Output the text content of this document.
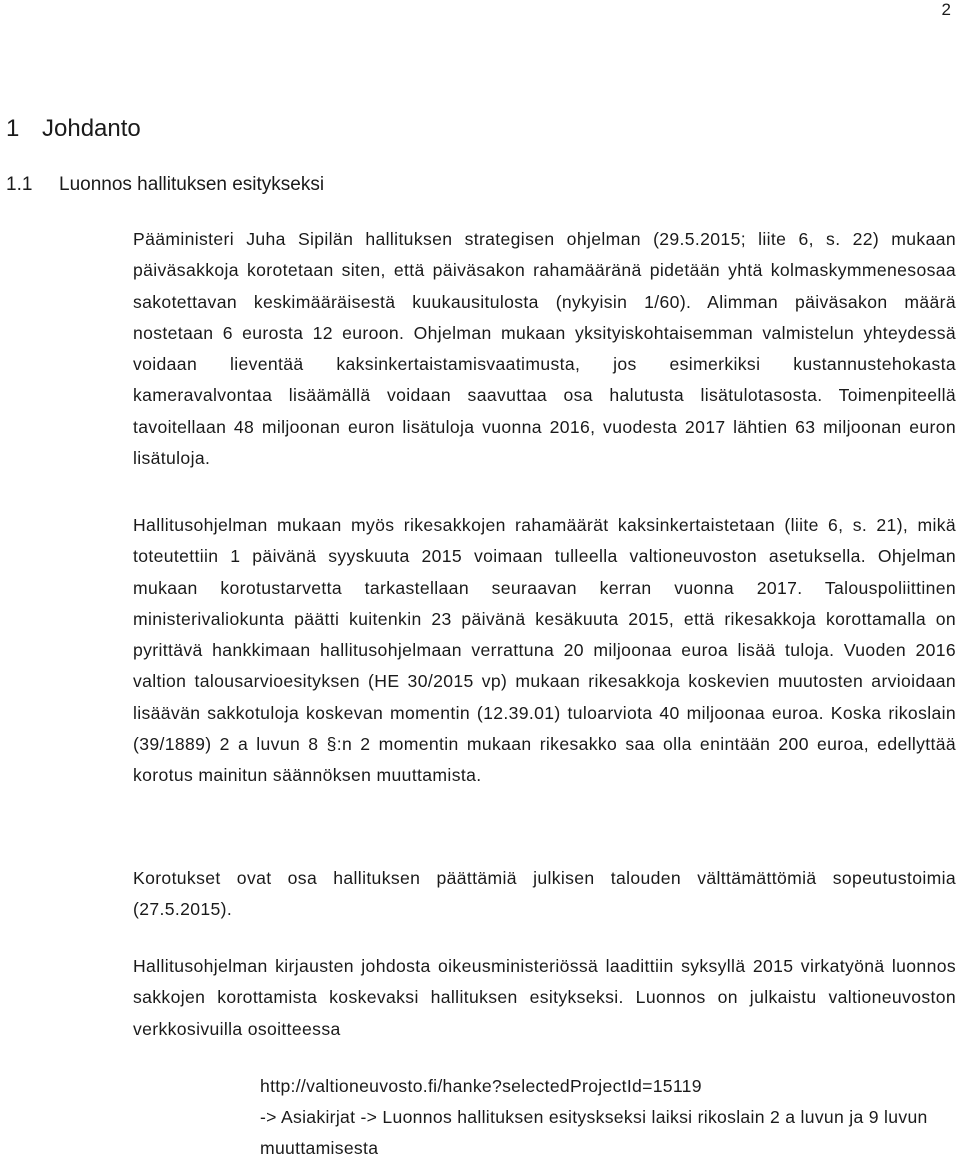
2
1 Johdanto
1.1 Luonnos hallituksen esitykseksi

Pääministeri Juha Sipilän hallituksen strategisen ohjelman (29.5.2015; liite 6, s. 22) mukaan päiväsakkoja korotetaan siten, että päiväsakon rahamääränä pidetään yhtä kolmaskymmenesosaa sakotettavan keskimääräisestä kuukausitulosta (nykyisin 1/60). Alimman päiväsakon määrä nostetaan 6 eurosta 12 euroon. Ohjelman mukaan yksityiskohtaisemman valmistelun yhteydessä voidaan lieventää kaksinkertaistamisvaatimusta, jos esimerkiksi kustannustehokasta kameravalvontaa lisäämällä voidaan saavuttaa osa halutusta lisätulotasosta. Toimenpiteellä tavoitellaan 48 miljoonan euron lisätuloja vuonna 2016, vuodesta 2017 lähtien 63 miljoonan euron lisätuloja.

Hallitusohjelman mukaan myös rikesakkojen rahamäärät kaksinkertaistetaan (liite 6, s. 21), mikä toteutettiin 1 päivänä syyskuuta 2015 voimaan tulleella valtioneuvoston asetuksella. Ohjelman mukaan korotustarvetta tarkastellaan seuraavan kerran vuonna 2017. Talouspoliittinen ministerivaliokunta päätti kuitenkin 23 päivänä kesäkuuta 2015, että rikesakkoja korottamalla on pyrittävä hankkimaan hallitusohjelmaan verrattuna 20 miljoonaa euroa lisää tuloja. Vuoden 2016 valtion talousarvioesityksen (HE 30/2015 vp) mukaan rikesakkoja koskevien muutosten arvioidaan lisäävän sakkotuloja koskevan momentin (12.39.01) tuloarviota 40 miljoonaa euroa. Koska rikoslain (39/1889) 2 a luvun 8 §:n 2 momentin mukaan rikesakko saa olla enintään 200 euroa, edellyttää korotus mainitun säännöksen muuttamista.

Korotukset ovat osa hallituksen päättämiä julkisen talouden välttämättömiä sopeutustoimia (27.5.2015).

Hallitusohjelman kirjausten johdosta oikeusministeriössä laadittiin syksyllä 2015 virkatyönä luonnos sakkojen korottamista koskevaksi hallituksen esitykseksi. Luonnos on julkaistu valtioneuvoston verkkosivuilla osoitteessa

http://valtioneuvosto.fi/hanke?selectedProjectId=15119
-> Asiakirjat -> Luonnos hallituksen esityskseksi laiksi rikoslain 2 a luvun ja 9 luvun muuttamisesta
